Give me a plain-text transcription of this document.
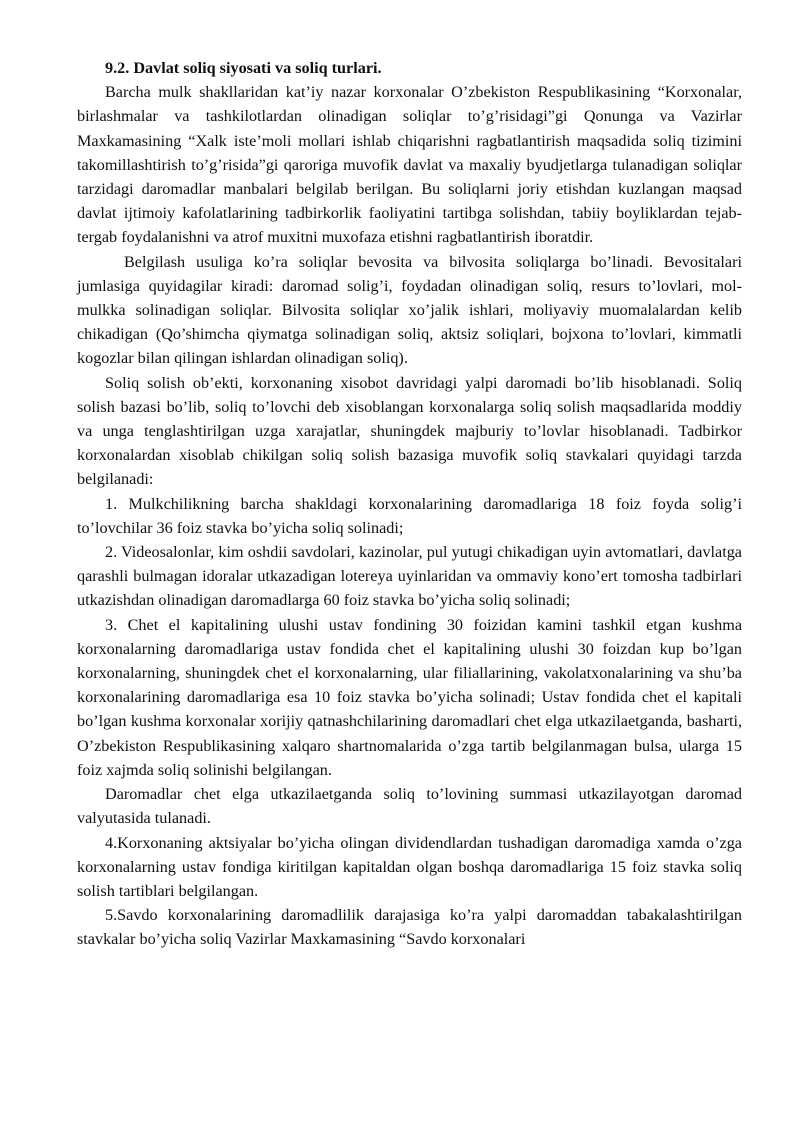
9.2. Davlat soliq siyosati va soliq turlari.

Barcha mulk shakllaridan kat’iy nazar korxonalar O’zbekiston Respublikasining “Korxonalar, birlashmalar va tashkilotlardan olinadigan soliqlar to’g’risidagi”gi Qonunga va Vazirlar Maxkamasining “Xalk iste’moli mollari ishlab chiqarishni ragbatlantirish maqsadida soliq tizimini takomillashtirish to’g’risida”gi qaroriga muvofik davlat va maxaliy byudjetlarga tulanadigan soliqlar tarzidagi daromadlar manbalari belgilab berilgan. Bu soliqlarni joriy etishdan kuzlangan maqsad davlat ijtimoiy kafolatlarining tadbirkorlik faoliyatini tartibga solishdan, tabiiy boyliklardan tejab-tergab foydalanishni va atrof muxitni muxofaza etishni ragbatlantirish iboratdir.

Belgilash usuliga ko’ra soliqlar bevosita va bilvosita soliqlarga bo’linadi. Bevositalari jumlasiga quyidagilar kiradi: daromad solig’i, foydadan olinadigan soliq, resurs to’lovlari, mol-mulkka solinadigan soliqlar. Bilvosita soliqlar xo’jalik ishlari, moliyaviy muomalalardan kelib chikadigan (Qo’shimcha qiymatga solinadigan soliq, aktsiz soliqlari, bojxona to’lovlari, kimmatli kogozlar bilan qilingan ishlardan olinadigan soliq).

Soliq solish ob’ekti, korxonaning xisobot davridagi yalpi daromadi bo’lib hisoblanadi. Soliq solish bazasi bo’lib, soliq to’lovchi deb xisoblangan korxonalarga soliq solish maqsadlarida moddiy va unga tenglashtirilgan uzga xarajatlar, shuningdek majburiy to’lovlar hisoblanadi. Tadbirkor korxonalardan xisoblab chikilgan soliq solish bazasiga muvofik soliq stavkalari quyidagi tarzda belgilanadi:

1. Mulkchilikning barcha shakldagi korxonalarining daromadlariga 18 foiz foyda solig’i to’lovchilar 36 foiz stavka bo’yicha soliq solinadi;

2. Videosalonlar, kim oshdii savdolari, kazinolar, pul yutugi chikadigan uyin avtomatlari, davlatga qarashli bulmagan idoralar utkazadigan lotereya uyinlaridan va ommaviy kono’ert tomosha tadbirlari utkazishdan olinadigan daromadlarga 60 foiz stavka bo’yicha soliq solinadi;

3. Chet el kapitalining ulushi ustav fondining 30 foizidan kamini tashkil etgan kushma korxonalarning daromadlariga ustav fondida chet el kapitalining ulushi 30 foizdan kup bo’lgan korxonalarning, shuningdek chet el korxonalarning, ular filiallarining, vakolatxonalarining va shu’ba korxonalarining daromadlariga esa 10 foiz stavka bo’yicha solinadi; Ustav fondida chet el kapitali bo’lgan kushma korxonalar xorijiy qatnashchilarining daromadlari chet elga utkazilaetganda, basharti, O’zbekiston Respublikasining xalqaro shartnomalarida o’zga tartib belgilanmagan bulsa, ularga 15 foiz xajmda soliq solinishi belgilangan.

Daromadlar chet elga utkazilaetganda soliq to’lovining summasi utkazilayotgan daromad valyutasida tulanadi.

4.Korxonaning aktsiyalar bo’yicha olingan dividendlardan tushadigan daromadiga xamda o’zga korxonalarning ustav fondiga kiritilgan kapitaldan olgan boshqa daromadlariga 15 foiz stavka soliq solish tartiblari belgilangan.

5.Savdo korxonalarining daromadlilik darajasiga ko’ra yalpi daromaddan tabakalashtirilgan stavkalar bo’yicha soliq Vazirlar Maxkamasining “Savdo korxonalari
